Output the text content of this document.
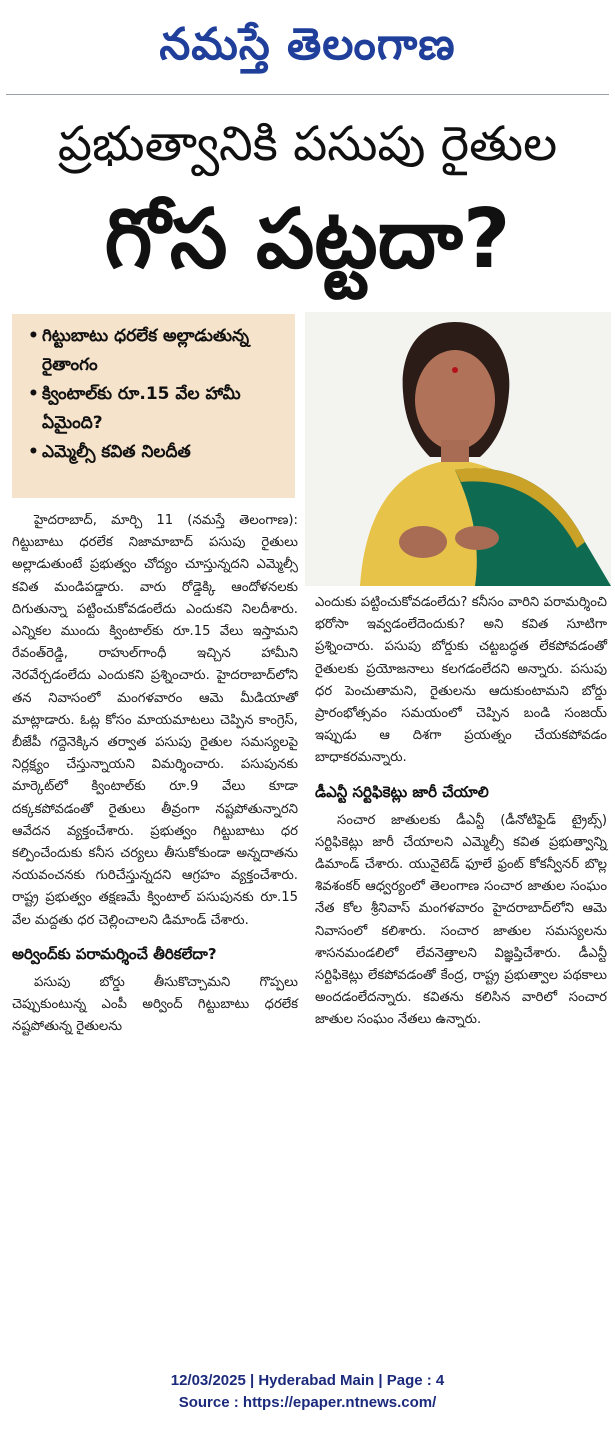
నమస్తే తెలంగాణ
ప్రభుత్వానికి పసుపు రైతుల
గోస పట్టదా?
• గిట్టుబాటు ధరలేక అల్లాడుతున్న రైతాంగం
• క్వింటాల్‌కు రూ.15 వేల హామీ ఏమైంది?
• ఎమ్మెల్సీ కవిత నిలదీత

హైదరాబాద్, మార్చి 11 (నమస్తే తెలంగాణ): గిట్టుబాటు ధరలేక నిజామాబాద్ పసుపు రైతులు అల్లాడుతుంటే ప్రభుత్వం చోద్యం చూస్తున్నదని ఎమ్మెల్సీ కవిత మండిపడ్డారు. వారు రోడ్డెక్కి ఆందోళనలకు దిగుతున్నా పట్టించుకోవడంలేదు ఎందుకని నిలదీశారు. ఎన్నికల ముందు క్వింటాల్‌కు రూ.15 వేలు ఇస్తామని రేవంత్‌రెడ్డి, రాహుల్‌గాంధీ ఇచ్చిన హామీని నెరవేర్చడంలేదు ఎందుకని ప్రశ్నించారు. హైదరాబాద్‌లోని తన నివాసంలో మంగళవారం ఆమె మీడియాతో మాట్లాడారు. ఓట్ల కోసం మాయమాటలు చెప్పిన కాంగ్రెస్, బీజేపీ గద్దెనెక్కిన తర్వాత పసుపు రైతుల సమస్యలపై నిర్లక్ష్యం చేస్తున్నాయని విమర్శించారు. పసుపునకు మార్కెట్‌లో క్వింటాల్‌కు రూ.9 వేలు కూడా దక్కకపోవడంతో రైతులు తీవ్రంగా నష్టపోతున్నారని ఆవేదన వ్యక్తంచేశారు. ప్రభుత్వం గిట్టుబాటు ధర కల్పించేందుకు కనీస చర్యలు తీసుకోకుండా అన్నదాతను నయవంచనకు గురిచేస్తున్నదని ఆగ్రహం వ్యక్తంచేశారు. రాష్ట్ర ప్రభుత్వం తక్షణమే క్వింటాల్ పసుపునకు రూ.15 వేల మద్దతు ధర చెల్లించాలని డిమాండ్ చేశారు.

అర్వింద్‌కు పరామర్శించే తీరికలేదా?

పసుపు బోర్డు తీసుకొచ్చామని గొప్పలు చెప్పుకుంటున్న ఎంపీ అర్వింద్ గిట్టుబాటు ధరలేక నష్టపోతున్న రైతులను

ఎందుకు పట్టించుకోవడంలేదు? కనీసం వారిని పరామర్శించి భరోసా ఇవ్వడంలేదెందుకు? అని కవిత సూటిగా ప్రశ్నించారు. పసుపు బోర్డుకు చట్టబద్ధత లేకపోవడంతో రైతులకు ప్రయోజనాలు కలగడంలేదని అన్నారు. పసుపు ధర పెంచుతామని, రైతులను ఆదుకుంటామని బోర్డు ప్రారంభోత్సవం సమయంలో చెప్పిన బండి సంజయ్ ఇప్పుడు ఆ దిశగా ప్రయత్నం చేయకపోవడం బాధాకరమన్నారు.

డీఎన్టీ సర్టిఫికెట్లు జారీ చేయాలి

సంచార జాతులకు డీఎన్టీ (డీనోటిఫైడ్ ట్రైబ్స్) సర్టిఫికెట్లు జారీ చేయాలని ఎమ్మెల్సీ కవిత ప్రభుత్వాన్ని డిమాండ్ చేశారు. యునైటెడ్ ఫూలే ఫ్రంట్ కోకన్వీనర్ బొల్ల శివశంకర్ ఆధ్వర్యంలో తెలంగాణ సంచార జాతుల సంఘం నేత కోల శ్రీనివాస్ మంగళవారం హైదరాబాద్‌లోని ఆమె నివాసంలో కలిశారు. సంచార జాతుల సమస్యలను శాసనమండలిలో లేవనెత్తాలని విజ్ఞప్తిచేశారు. డీఎన్టీ సర్టిఫికెట్లు లేకపోవడంతో కేంద్ర, రాష్ట్ర ప్రభుత్వాల పథకాలు అందడంలేదన్నారు. కవితను కలిసిన వారిలో సంచార జాతుల సంఘం నేతలు ఉన్నారు.

12/03/2025 | Hyderabad Main | Page : 4
Source : https://epaper.ntnews.com/
